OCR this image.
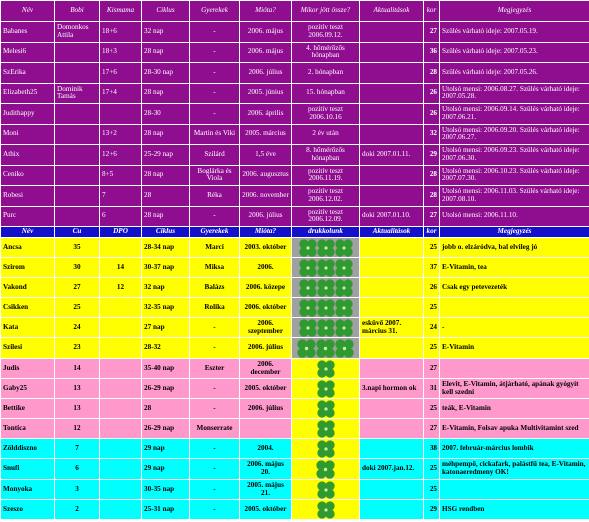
Név	Bobi	Kismama	Ciklus	Gyerekek	Mióta?	Mikor jött össze?	Aktualitások	kor	Megjegyzés
Babanes	Domonkos Attila	18+6	32 nap	-	2006. május	pozitív teszt 2006.09.12.		27	Szülés várható ideje: 2007.05.19.
Melesi6		18+3	28 nap	-	2006. május	4. hőmérőzős hónapban		36	Szülés várható ideje: 2007.05.23.
SzErika		17+6	28-30 nap	-	2006. július	2. hónapban		28	Szülés várható ideje: 2007.05.26.
Elizabeth25	Dominik Tamás	17+4	28 nap	-	2005. június	15. hónapban		26	Utolsó mensi: 2006.08.27. Szülés várható ideje: 2007.05.28.
Judithappy			28-30	-	2006. április	pozitív teszt 2006.10.16		26	Utolsó mensi: 2006.09.14. Szülés várható ideje: 2007.06.21.
Moni		13+2	28 nap	Martin és Viki	2005. március	2 év után		32	Utolsó mensi: 2006.09.20. Szülés várható ideje: 2007.06.27.
Athix		12+6	25-29 nap	Szilárd	1,5 éve	8. hőmérőzős hónapban	doki 2007.01.11.	29	Utolsó mensi: 2006.09.23. Szülés várható ideje: 2007.06.30.
Ceniko		8+5	28 nap	Boglárka és Viola	2006. augusztus	pozitív teszt 2006.11.19.		28	Utolsó mensi: 2006.10.23. Szülés várható ideje: 2007.07.30.
Robesi		7	28	Réka	2006. november	pozitív teszt 2006.12.02.		28	Utolsó mensi: 2006.11.03. Szülés várható ideje: 2007.08.10.
Purc		6	28 nap	-	2006. július	pozitív teszt 2006.12.09.	doki 2007.01.10.	27	Utolsó mensi: 2006.11.10.
Név	Cu	DPO	Ciklus	Gyerekek	Mióta?	drukkolunk	Aktualitások	kor	Megjegyzés
Ancsa	35		28-34 nap	Marci	2003. október			25	jobb o. elzáródva, bal elvileg jó
Szirom	30	14	30-37 nap	Miksa	2006.			37	E-Vitamin, tea
Vakond	27	12	32 nap	Balázs	2006. közepe			26	Csak egy petevezeték
Csikken	25		32-35 nap	Rolika	2006. október			25	
Kata	24		27 nap	-	2006. szeptember		esküvő 2007. március 31.	24	-
Szilesi	23		28-32	-	2006. július			25	E-Vitamin
Judis	14		35-40 nap	Eszter	2006. december			27	
Gaby25	13		26-29 nap	-	2005. október		3.napi hormon ok	31	Elevit, E-Vitamin, átjárható, apának gyógyít kell szedni
Bettike	13		28	-	2006. július			25	teák, E-Vitamin
Tontica	12		26-29 nap	Monserrate				27	E-Vitamin, Folsav apuka Multivitamint szed
Zölddiszno	7		29 nap	-	2004.			38	2007. február-március lombik
Snufi	6		29 nap	-	2006. május 20.		doki 2007.jan.12.	25	méhpempő, cickafark, palástfű tea, E-Vitamin, katonaeredmeny OK!
Monyoka	3		30-35 nap	-	2005. május 21.			25	
Szeszo	2		25-31 nap	-	2005. október			29	HSG rendben
